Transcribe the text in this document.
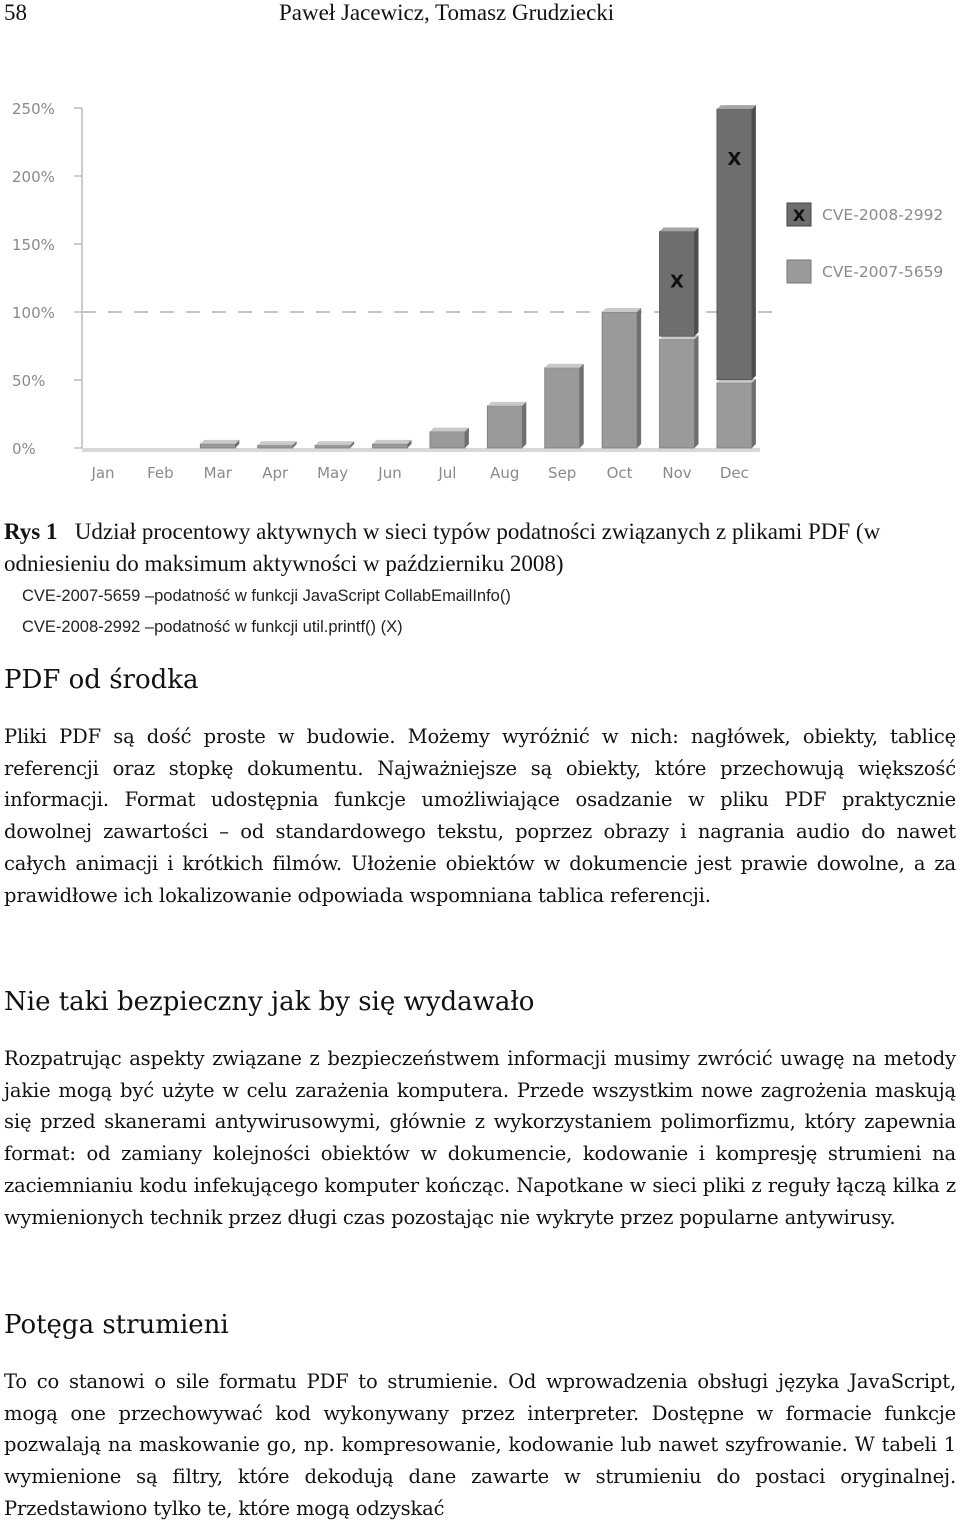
58	Paweł Jacewicz, Tomasz Grudziecki
250%
200%
150%
100%
50%
0%
Jan Feb Mar Apr May Jun Jul Aug Sep Oct Nov
X
Dec
X
X CVE-2008-2992
CVE-2007-5659
Rys 1 Udział procentowy aktywnych w sieci typów podatności związanych z plikami PDF (w odniesieniu do maksimum aktywności w październiku 2008)
CVE-2007-5659 –podatność w funkcji JavaScript CollabEmailInfo()
CVE-2008-2992 –podatność w funkcji util.printf() (X)
PDF od środka

Pliki PDF są dość proste w budowie. Możemy wyróżnić w nich: nagłówek, obiekty, tablicę referencji oraz stopkę dokumentu. Najważniejsze są obiekty, które przechowują większość informacji. Format udostępnia funkcje umożliwiające osadzanie w pliku PDF praktycznie dowolnej zawartości – od standardowego tekstu, poprzez obrazy i nagrania audio do nawet całych animacji i krótkich filmów. Ułożenie obiektów w dokumencie jest prawie dowolne, a za prawidłowe ich lokalizowanie odpowiada wspomniana tablica referencji.

Nie taki bezpieczny jak by się wydawało

Rozpatrując aspekty związane z bezpieczeństwem informacji musimy zwrócić uwagę na metody jakie mogą być użyte w celu zarażenia komputera. Przede wszystkim nowe zagrożenia maskują się przed skanerami antywirusowymi, głównie z wykorzystaniem polimorfizmu, który zapewnia format: od zamiany kolejności obiektów w dokumencie, kodowanie i kompresję strumieni na zaciemnianiu kodu infekującego komputer kończąc. Napotkane w sieci pliki z reguły łączą kilka z wymienionych technik przez długi czas pozostając nie wykryte przez popularne antywirusy.

Potęga strumieni

To co stanowi o sile formatu PDF to strumienie. Od wprowadzenia obsługi języka JavaScript, mogą one przechowywać kod wykonywany przez interpreter. Dostępne w formacie funkcje pozwalają na maskowanie go, np. kompresowanie, kodowanie lub nawet szyfrowanie. W tabeli 1 wymienione są filtry, które dekodują dane zawarte w strumieniu do postaci oryginalnej. Przedstawiono tylko te, które mogą odzyskać
